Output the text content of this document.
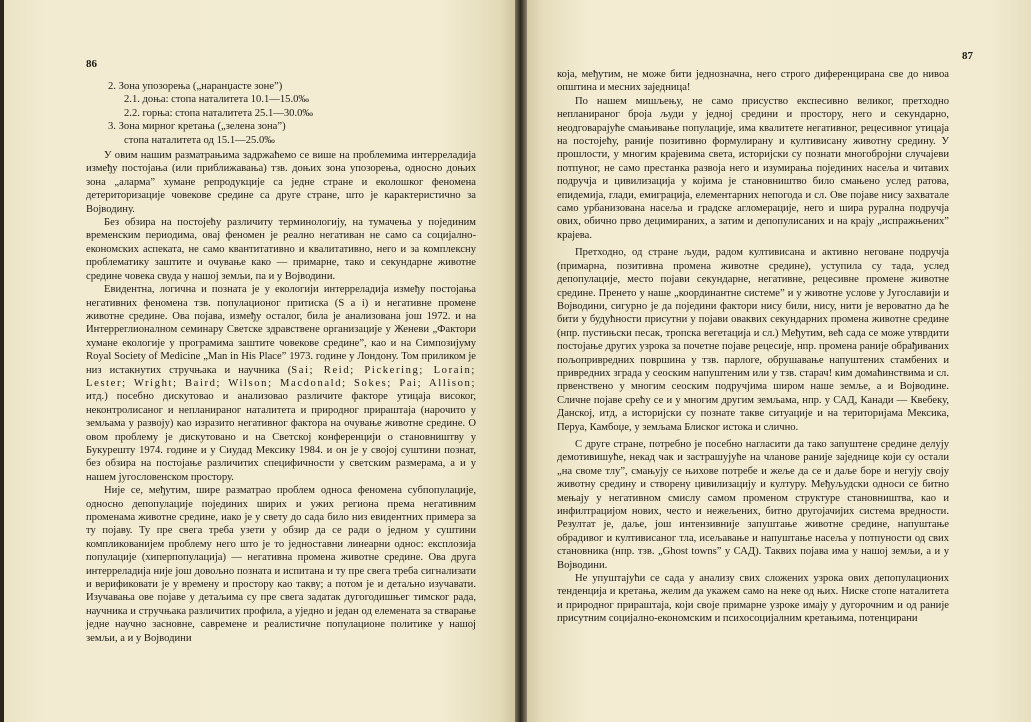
86
2. Зона упозорења („наранџасте зоне”)
2.1. доња: стопа наталитета 10.1—15.0‰
2.2. горња: стопа наталитета 25.1—30.0‰
3. Зона мирног кретања („зелена зона”)
стопа наталитета од 15.1—25.0‰

У овим нашим разматрањима задржаћемо се више на проблемима интерреладија између постојања (или приближавања) тзв. доњих зона упозорења, односно доњих зона „аларма” хумане репродукције са једне стране и еколошког феномена детериторизације човекове средине са друге стране, што је карактеристично за Војводину.

Без обзира на постојећу различиту терминологију, на тумачења у појединим временским периодима, овај феномен је реално негативан не само са социјално-економских аспеката, не само квантитативно и квалитативно, него и за комплексну проблематику заштите и очување како — примарне, тако и секундарне животне средине човека свуда у нашој земљи, па и у Војводини.

Евидентна, логична и позната је у екологији интерреладија између постојања негативних феномена тзв. популационог притиска (S a i) и негативне промене животне средине. Ова појава, између осталог, била је анализована још 1972. и на Интерреглионалном семинару Светске здравствене организације у Женеви „Фактори хумане екологије у програмима заштите човекове средине”, као и на Симпозијуму Royal Society of Medicine „Man in His Place” 1973. године у Лондону. Том приликом је низ истакнутих стручњака и научника (Sai; Reid; Pickering; Lorain; Lester; Wright; Baird; Wilson; Macdonald; Sokes; Pai; Allison; итд.) посебно дискутовао и анализовао различите факторе утицаја високог, неконтролисаног и непланираног наталитета и природног прираштаја (нарочито у земљама у развоју) као изразито негативног фактора на очување животне средине. О овом проблему је дискутовано и на Светској конференцији о становништву у Букурешту 1974. године и у Сиудад Мексику 1984. и он је у својој суштини познат, без обзира на постојање различитих специфичности у светским размерама, а и у нашем југословенском простору.

Није се, међутим, шире разматрао проблем односа феномена субпопулације, односно депопулације појединих ширих и ужих региона према негативним променама животне средине, иако је у свету до сада било низ евидентних примера за ту појаву. Ту пре свега треба узети у обзир да се ради о једном у суштини компликованијем проблему него што је то једноставни линеарни однос: експлозија популације (хиперпопулација) — негативна промена животне средине. Ова друга интерреладија није још довољно позната и испитана и ту пре свега треба сигнализати и верификовати је у времену и простору као такву; а потом је и детаљно изучавати. Изучавања ове појаве у детаљима су пре свега задатак дугогодишњег тимског рада, научника и стручњака различитих профила, а уједно и један од елемената за стварање једне научно засновне, савремене и реалистичне популационе политике у нашој земљи, а и у Војводини

87

која, међутим, не може бити једнозначна, него строго диференцирана све до нивоа општина и месних заједница!

По нашем мишљењу, не само присуство експесивно великог, претходно непланираног броја људи у једној средини и простору, него и секундарно, неодговарајуће смањивање популације, има квалитете негативног, рецесивног утицаја на постојећу, раније позитивно формулирану и култивисану животну средину. У прошлости, у многим крајевима света, историјски су познати многобројни случајеви потпуног, не само престанка развоја него и изумирања појединих насеља и читавих подручја и цивилизација у којима је становништво било смањено услед ратова, епидемија, глади, емиграција, елементарних непогода и сл. Ове појаве нису захватале само урбанизована насеља и градске агломерације, него и шира рурална подручја ових, обично прво децимираних, а затим и депопулисаних и на крају „испражњених” крајева.

Претходно, од стране људи, радом култивисана и активно неговане подручја (примарна, позитивна промена животне средине), уступила су тада, услед депопулације, место појави секундарне, негативне, рецесивне промене животне средине. Пренето у наше „координантне системе” и у животне услове у Југославији и Војводини, сигурно је да поједини фактори нису били, нису, нити је вероватно да ће бити у будућности присутни у појави оваквих секундарних промена животне средине (нпр. пустињски песак, тропска вегетација и сл.) Међутим, већ сада се може утврдити постојање других узрока за почетне појаве рецесије, нпр. промена раније обрађиваних пољопривредних површина у тзв. парлоге, обрушавање напуштених стамбених и привредних зграда у сеоским напуштеним или у тзв. старач! ким домаћинствима и сл. првенствено у многим сеоским подручјима широм наше земље, а и Војводине. Сличне појаве срећу се и у многим другим земљама, нпр. у САД, Канади — Квебеку, Данској, итд, а историјски су познате такве ситуације и на територијама Мексика, Перуа, Камбоџе, у земљама Блиског истока и слично.

С друге стране, потребно је посебно нагласити да тако запуштене средине делују демотивишуће, некад чак и застрашујуће на чланове раније заједнице који су остали „на своме тлу”, смањују се њихове потребе и жеље да се и даље боре и негују своју животну средину и створену цивилизацију и културу. Међуљудски односи се битно мењају у негативном смислу самом променом структуре становништва, као и инфилтрацијом нових, често и нежељених, битно другојачијих система вредности. Резултат је, даље, још интензивније запуштање животне средине, напуштање обрадивог и култивисаног тла, исељавање и напуштање насеља у потпуности од свих становника (нпр. тзв. „Ghost towns” у САД). Таквих појава има у нашој земљи, а и у Војводини.

Не упуштајући се сада у анализу свих сложених узрока ових депопулационих тенденција и кретања, желим да укажем само на неке од њих. Ниске стопе наталитета и природног прираштаја, који своје примарне узроке имају у дугорочним и од раније присутним социјално-економским и психосоцијалним кретањима, потенцирани
